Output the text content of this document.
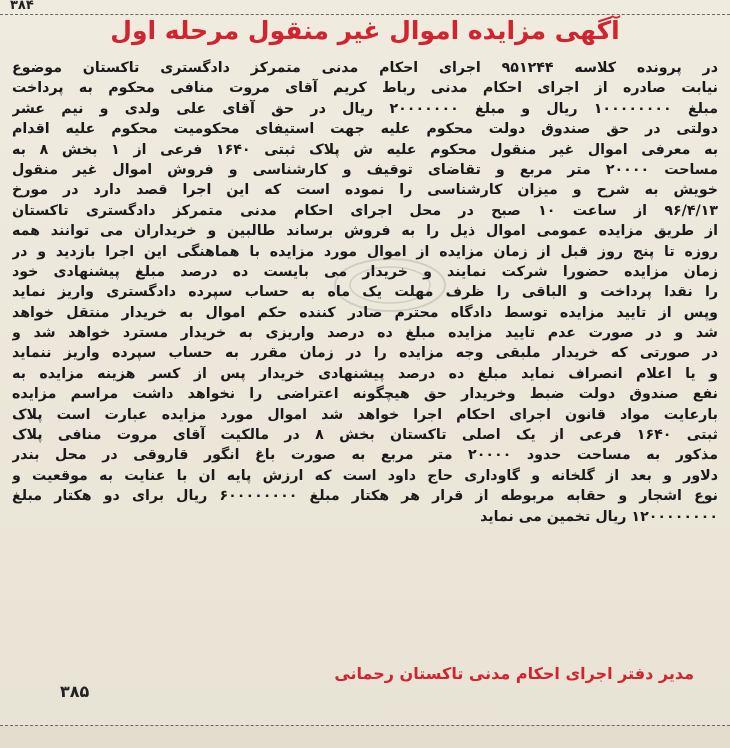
۳۸۴
آگهی مزایده اموال غیر منقول مرحله اول
در پرونده کلاسه ۹۵۱۲۴۴ اجرای احکام مدنی متمرکز دادگستری تاکستان موضوع
نیابت صادره از اجرای احکام مدنی رباط کریم آقای مروت منافی محکوم به پرداخت
مبلغ ۱۰۰۰۰۰۰۰۰ ریال و مبلغ ۲۰۰۰۰۰۰۰ ریال در حق آقای علی ولدی و نیم عشر
دولتی در حق صندوق دولت محکوم علیه جهت استیفای محکومیت محکوم علیه اقدام
به معرفی اموال غیر منقول محکوم علیه ش پلاک ثبتی ۱۶۴۰ فرعی از ۱ بخش ۸ به
مساحت ۲۰۰۰۰ متر مربع و تقاضای توقیف و کارشناسی و فروش اموال غیر منقول
خویش به شرح و میزان کارشناسی را نموده است که این اجرا قصد دارد در مورخ
۹۶/۴/۱۳ از ساعت ۱۰ صبح در محل اجرای احکام مدنی متمرکز دادگستری تاکستان
از طریق مزایده عمومی اموال ذیل را به فروش برساند طالبین و خریداران می توانند همه
روزه تا پنج روز قبل از زمان مزایده از اموال مورد مزایده با هماهنگی این اجرا بازدید و در
زمان مزایده حضورا شرکت نمایند و خریدار می بایست ده درصد مبلغ پیشنهادی خود
را نقدا پرداخت و الباقی را ظرف مهلت یک ماه به حساب سپرده دادگستری واریز نماید
وپس از تایید مزایده توسط دادگاه محترم صادر کننده حکم اموال به خریدار منتقل خواهد
شد و در صورت عدم تایید مزایده مبلغ ده درصد واریزی به خریدار مسترد خواهد شد و
در صورتی که خریدار ملبقی وجه مزایده را در زمان مقرر به حساب سپرده واریز ننماید
و یا اعلام انصراف نماید مبلغ ده درصد پیشنهادی خریدار پس از کسر هزینه مزایده به
نفع صندوق دولت ضبط وخریدار حق هیچگونه اعتراضی را نخواهد داشت مراسم مزایده
بارعایت مواد قانون اجرای احکام اجرا خواهد شد اموال مورد مزایده عبارت است پلاک
ثبتی ۱۶۴۰ فرعی از یک اصلی تاکستان بخش ۸ در مالکیت آقای مروت منافی پلاک
مذکور به مساحت حدود ۲۰۰۰۰ متر مربع به صورت باغ انگور قاروقی در محل بندر
دلاور و بعد از گلخانه و گاوداری حاج داود است که ارزش پایه ان با عنایت به موقعیت و
نوع اشجار و حقابه مربوطه از قرار هر هکتار مبلغ ۶۰۰۰۰۰۰۰۰ ریال برای دو هکتار مبلغ
۱۲۰۰۰۰۰۰۰۰ ریال تخمین می نماید
مدیر دفتر اجرای احکام مدنی تاکستان رحمانی
۳۸۵
